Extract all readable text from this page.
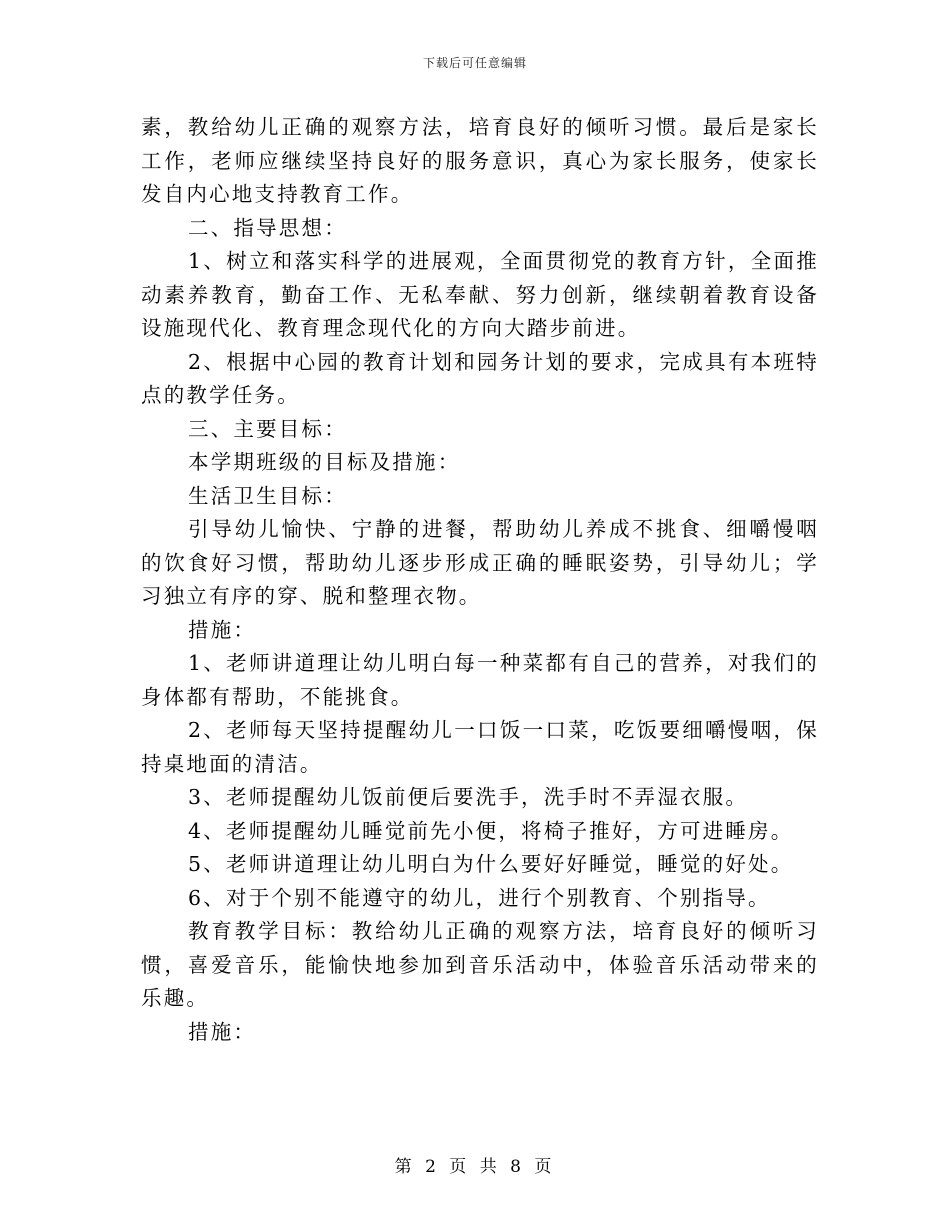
下载后可任意编辑

素，教给幼儿正确的观察方法，培育良好的倾听习惯。最后是家长工作，老师应继续坚持良好的服务意识，真心为家长服务，使家长发自内心地支持教育工作。

二、指导思想：

1、树立和落实科学的进展观，全面贯彻党的教育方针，全面推动素养教育，勤奋工作、无私奉献、努力创新，继续朝着教育设备设施现代化、教育理念现代化的方向大踏步前进。

2、根据中心园的教育计划和园务计划的要求，完成具有本班特点的教学任务。

三、主要目标：

本学期班级的目标及措施：

生活卫生目标：

引导幼儿愉快、宁静的进餐，帮助幼儿养成不挑食、细嚼慢咽的饮食好习惯，帮助幼儿逐步形成正确的睡眠姿势，引导幼儿；学习独立有序的穿、脱和整理衣物。

措施：

1、老师讲道理让幼儿明白每一种菜都有自己的营养，对我们的身体都有帮助，不能挑食。

2、老师每天坚持提醒幼儿一口饭一口菜，吃饭要细嚼慢咽，保持桌地面的清洁。

3、老师提醒幼儿饭前便后要洗手，洗手时不弄湿衣服。

4、老师提醒幼儿睡觉前先小便，将椅子推好，方可进睡房。

5、老师讲道理让幼儿明白为什么要好好睡觉，睡觉的好处。

6、对于个别不能遵守的幼儿，进行个别教育、个别指导。

教育教学目标：教给幼儿正确的观察方法，培育良好的倾听习惯，喜爱音乐，能愉快地参加到音乐活动中，体验音乐活动带来的乐趣。

措施：

第 2 页 共 8 页
